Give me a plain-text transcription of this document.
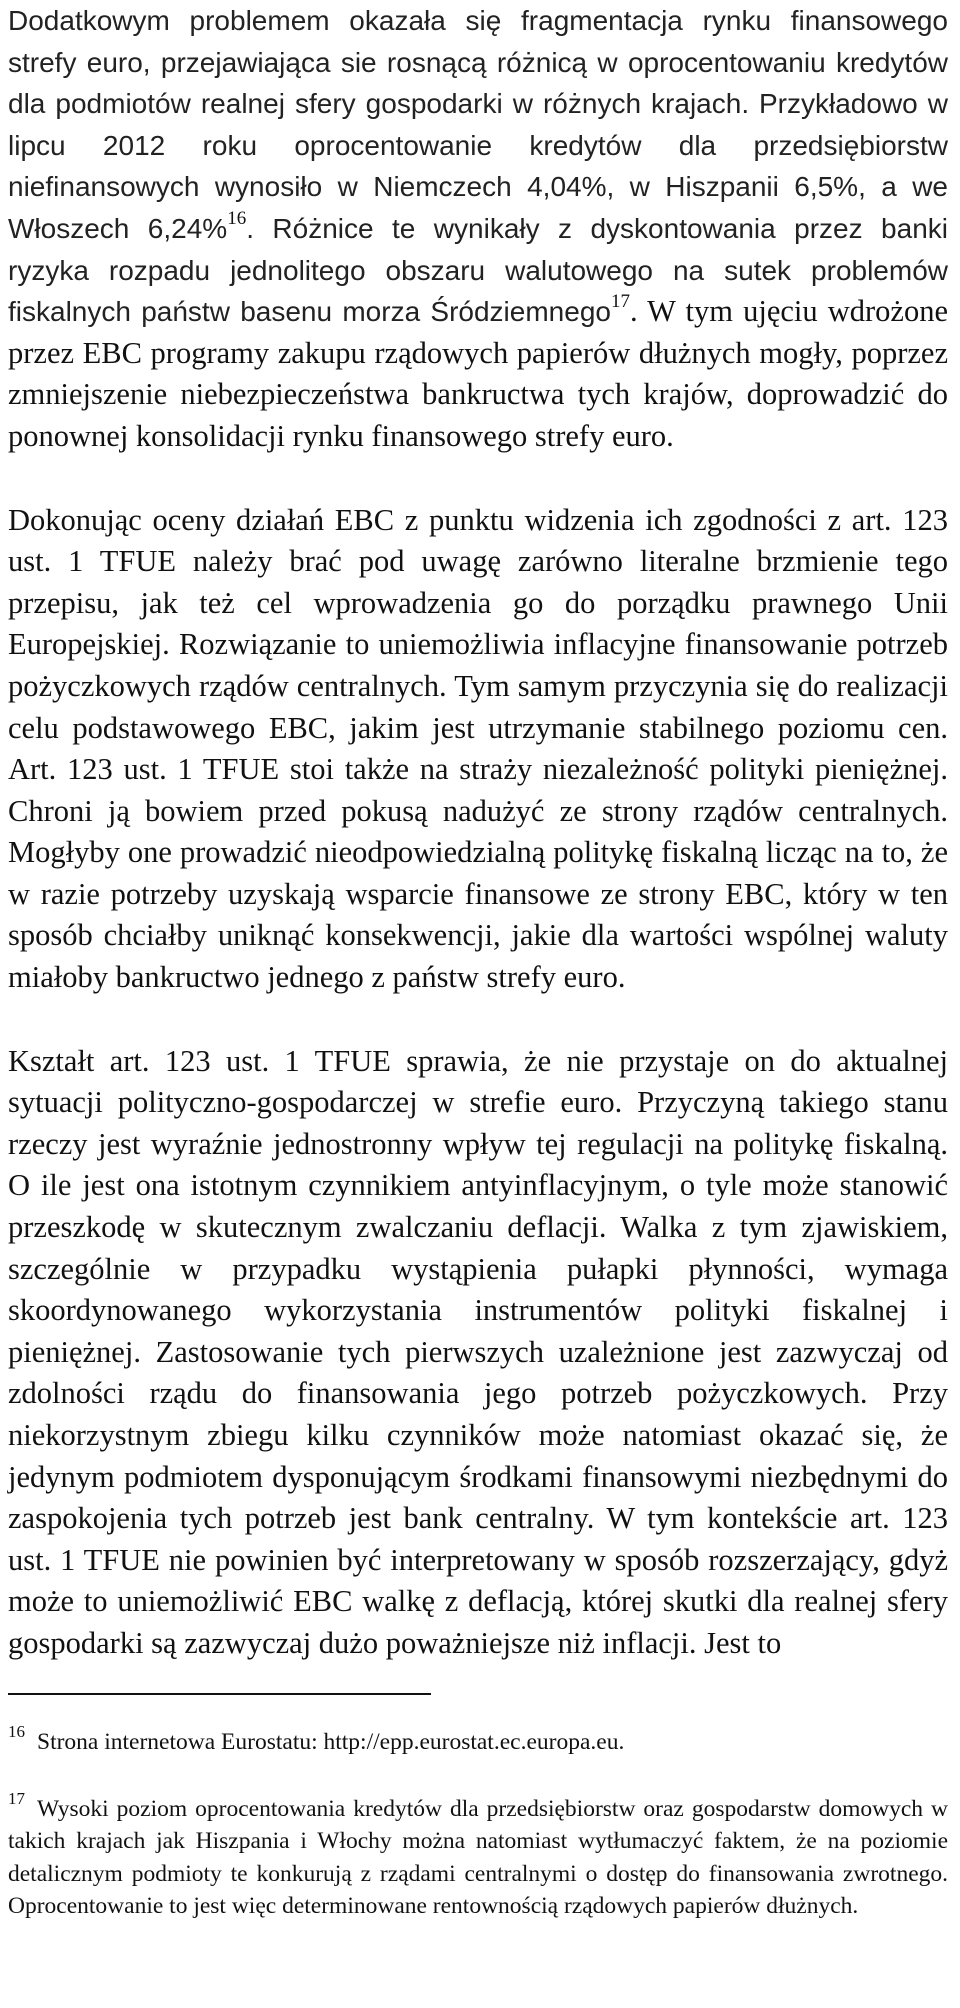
Dodatkowym problemem okazała się fragmentacja rynku finansowego strefy euro, przejawiająca sie rosnącą różnicą w oprocentowaniu kredytów dla podmiotów realnej sfery gospodarki w różnych krajach. Przykładowo w lipcu 2012 roku oprocentowanie kredytów dla przedsiębiorstw niefinansowych wynosiło w Niemczech 4,04%, w Hiszpanii 6,5%, a we Włoszech 6,24%$^{16}$. Różnice te wynikały z dyskontowania przez banki ryzyka rozpadu jednolitego obszaru walutowego na sutek problemów fiskalnych państw basenu morza Śródziemnego$^{17}$. W tym ujęciu wdrożone przez EBC programy zakupu rządowych papierów dłużnych mogły, poprzez zmniejszenie niebezpieczeństwa bankructwa tych krajów, doprowadzić do ponownej konsolidacji rynku finansowego strefy euro.

Dokonując oceny działań EBC z punktu widzenia ich zgodności z art. 123 ust. 1 TFUE należy brać pod uwagę zarówno literalne brzmienie tego przepisu, jak też cel wprowadzenia go do porządku prawnego Unii Europejskiej. Rozwiązanie to uniemożliwia inflacyjne finansowanie potrzeb pożyczkowych rządów centralnych. Tym samym przyczynia się do realizacji celu podstawowego EBC, jakim jest utrzymanie stabilnego poziomu cen. Art. 123 ust. 1 TFUE stoi także na straży niezależność polityki pieniężnej. Chroni ją bowiem przed pokusą nadużyć ze strony rządów centralnych. Mogłyby one prowadzić nieodpowiedzialną politykę fiskalną licząc na to, że w razie potrzeby uzyskają wsparcie finansowe ze strony EBC, który w ten sposób chciałby uniknąć konsekwencji, jakie dla wartości wspólnej waluty miałoby bankructwo jednego z państw strefy euro.

Kształt art. 123 ust. 1 TFUE sprawia, że nie przystaje on do aktualnej sytuacji polityczno-gospodarczej w strefie euro. Przyczyną takiego stanu rzeczy jest wyraźnie jednostronny wpływ tej regulacji na politykę fiskalną. O ile jest ona istotnym czynnikiem antyinflacyjnym, o tyle może stanowić przeszkodę w skutecznym zwalczaniu deflacji. Walka z tym zjawiskiem, szczególnie w przypadku wystąpienia pułapki płynności, wymaga skoordynowanego wykorzystania instrumentów polityki fiskalnej i pieniężnej. Zastosowanie tych pierwszych uzależnione jest zazwyczaj od zdolności rządu do finansowania jego potrzeb pożyczkowych. Przy niekorzystnym zbiegu kilku czynników może natomiast okazać się, że jedynym podmiotem dysponującym środkami finansowymi niezbędnymi do zaspokojenia tych potrzeb jest bank centralny. W tym kontekście art. 123 ust. 1 TFUE nie powinien być interpretowany w sposób rozszerzający, gdyż może to uniemożliwić EBC walkę z deflacją, której skutki dla realnej sfery gospodarki są zazwyczaj dużo poważniejsze niż inflacji. Jest to

$^{16}$ Strona internetowa Eurostatu: http://epp.eurostat.ec.europa.eu.

$^{17}$ Wysoki poziom oprocentowania kredytów dla przedsiębiorstw oraz gospodarstw domowych w takich krajach jak Hiszpania i Włochy można natomiast wytłumaczyć faktem, że na poziomie detalicznym podmioty te konkurują z rządami centralnymi o dostęp do finansowania zwrotnego. Oprocentowanie to jest więc determinowane rentownością rządowych papierów dłużnych.
